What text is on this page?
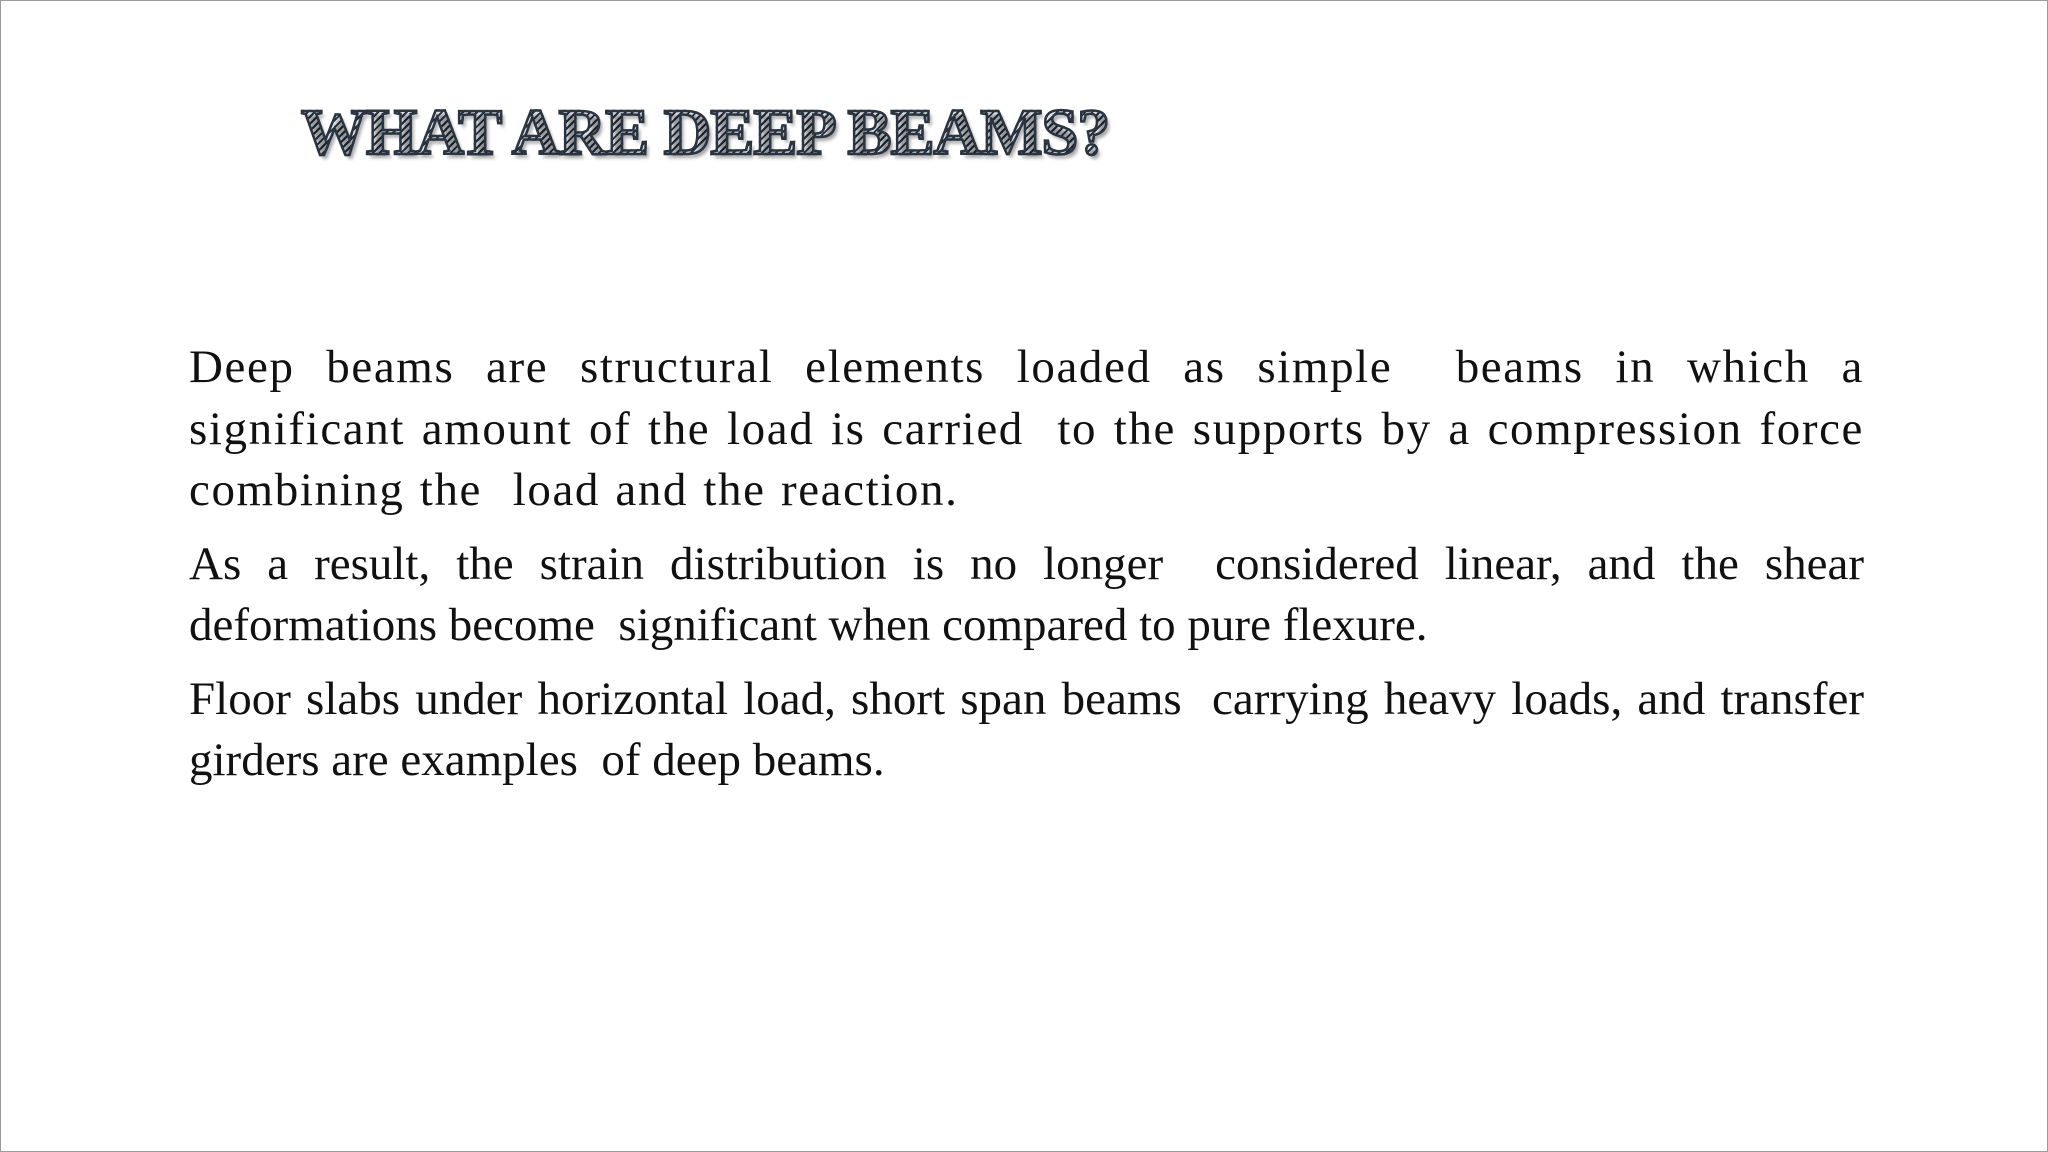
WHAT ARE DEEP BEAMS?

Deep beams are structural elements loaded as simple  beams in which a significant amount of the load is carried  to the supports by a compression force combining the  load and the reaction.

As a result, the strain distribution is no longer  considered linear, and the shear deformations become  significant when compared to pure flexure.

Floor slabs under horizontal load, short span beams  carrying heavy loads, and transfer girders are examples  of deep beams.
